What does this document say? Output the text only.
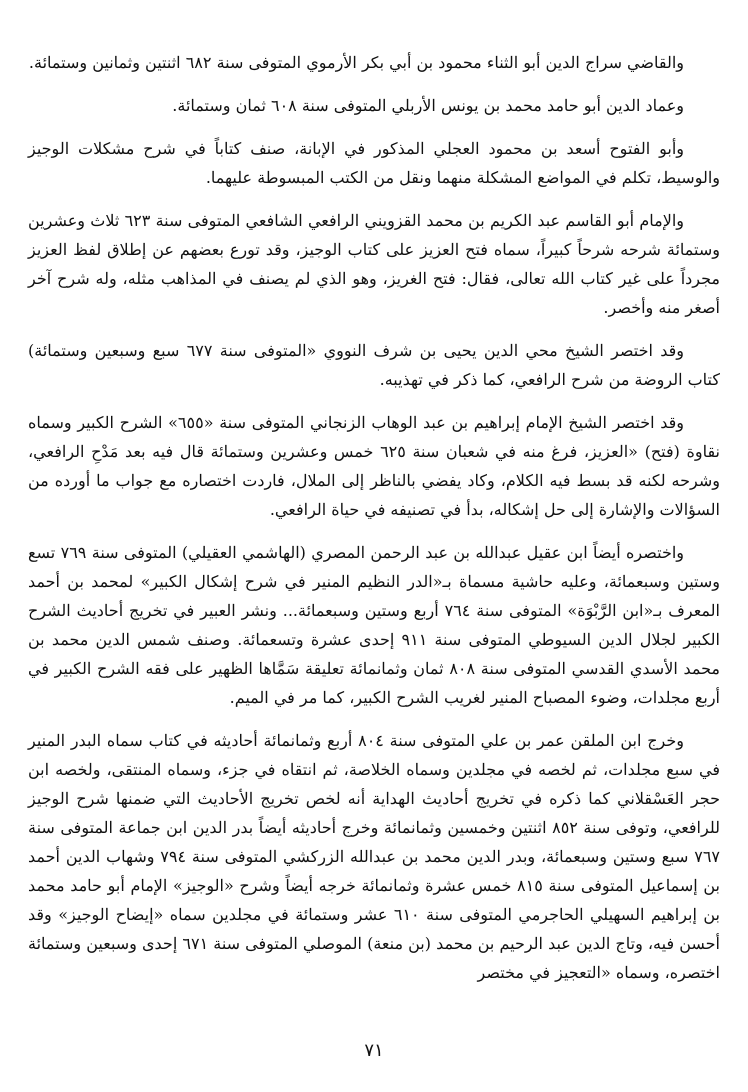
والقاضي سراج الدين أبو الثناء محمود بن أبي بكر الأرموي المتوفى سنة ٦٨٢ اثنتين وثمانين وستمائة.

وعماد الدين أبو حامد محمد بن يونس الأربلي المتوفى سنة ٦٠٨ ثمان وستمائة.

وأبو الفتوح أسعد بن محمود العجلي المذكور في الإبانة، صنف كتاباً في شرح مشكلات الوجيز والوسيط، تكلم في المواضع المشكلة منهما ونقل من الكتب المبسوطة عليهما.

والإمام أبو القاسم عبد الكريم بن محمد القزويني الرافعي الشافعي المتوفى سنة ٦٢٣ ثلاث وعشرين وستمائة شرحه شرحاً كبيراً، سماه فتح العزيز على كتاب الوجيز، وقد تورع بعضهم عن إطلاق لفظ العزيز مجرداً على غير كتاب الله تعالى، فقال: فتح الغريز، وهو الذي لم يصنف في المذاهب مثله، وله شرح آخر أصغر منه وأخصر.

وقد اختصر الشيخ محي الدين يحيى بن شرف النووي «المتوفى سنة ٦٧٧ سبع وسبعين وستمائة) كتاب الروضة من شرح الرافعي، كما ذكر في تهذيبه.

وقد اختصر الشيخ الإمام إبراهيم بن عبد الوهاب الزنجاني المتوفى سنة «٦٥٥» الشرح الكبير وسماه نقاوة (فتح) «العزيز، فرغ منه في شعبان سنة ٦٢٥ خمس وعشرين وستمائة قال فيه بعد مَدْحِ الرافعي، وشرحه لكنه قد بسط فيه الكلام، وكاد يفضي بالناظر إلى الملال، فاردت اختصاره مع جواب ما أورده من السؤالات والإشارة إلى حل إشكاله، بدأ في تصنيفه في حياة الرافعي.

واختصره أيضاً ابن عقيل عبدالله بن عبد الرحمن المصري (الهاشمي العقيلي) المتوفى سنة ٧٦٩ تسع وستين وسبعمائة، وعليه حاشية مسماة بـ«الدر النظيم المنير في شرح إشكال الكبير» لمحمد بن أحمد المعرف بـ«ابن الرَّبْوَة» المتوفى سنة ٧٦٤ أربع وستين وسبعمائة... ونشر العبير في تخريج أحاديث الشرح الكبير لجلال الدين السيوطي المتوفى سنة ٩١١ إحدى عشرة وتسعمائة. وصنف شمس الدين محمد بن محمد الأسدي القدسي المتوفى سنة ٨٠٨ ثمان وثمانمائة تعليقة سَمَّاها الظهير على فقه الشرح الكبير في أربع مجلدات، وضوء المصباح المنير لغريب الشرح الكبير، كما مر في الميم.

وخرج ابن الملقن عمر بن علي المتوفى سنة ٨٠٤ أربع وثمانمائة أحاديثه في كتاب سماه البدر المنير في سبع مجلدات، ثم لخصه في مجلدين وسماه الخلاصة، ثم انتقاه في جزء، وسماه المنتقى، ولخصه ابن حجر العَسْقلاني كما ذكره في تخريج أحاديث الهداية أنه لخص تخريج الأحاديث التي ضمنها شرح الوجيز للرافعي، وتوفى سنة ٨٥٢ اثنتين وخمسين وثمانمائة وخرج أحاديثه أيضاً بدر الدين ابن جماعة المتوفى سنة ٧٦٧ سبع وستين وسبعمائة، وبدر الدين محمد بن عبدالله الزركشي المتوفى سنة ٧٩٤ وشهاب الدين أحمد بن إسماعيل المتوفى سنة ٨١٥ خمس عشرة وثمانمائة خرجه أيضاً وشرح «الوجيز» الإمام أبو حامد محمد بن إبراهيم السهيلي الحاجرمي المتوفى سنة ٦١٠ عشر وستمائة في مجلدين سماه «إيضاح الوجيز» وقد أحسن فيه، وتاج الدين عبد الرحيم بن محمد (بن منعة) الموصلي المتوفى سنة ٦٧١ إحدى وسبعين وستمائة اختصره، وسماه «التعجيز في مختصر

٧١
